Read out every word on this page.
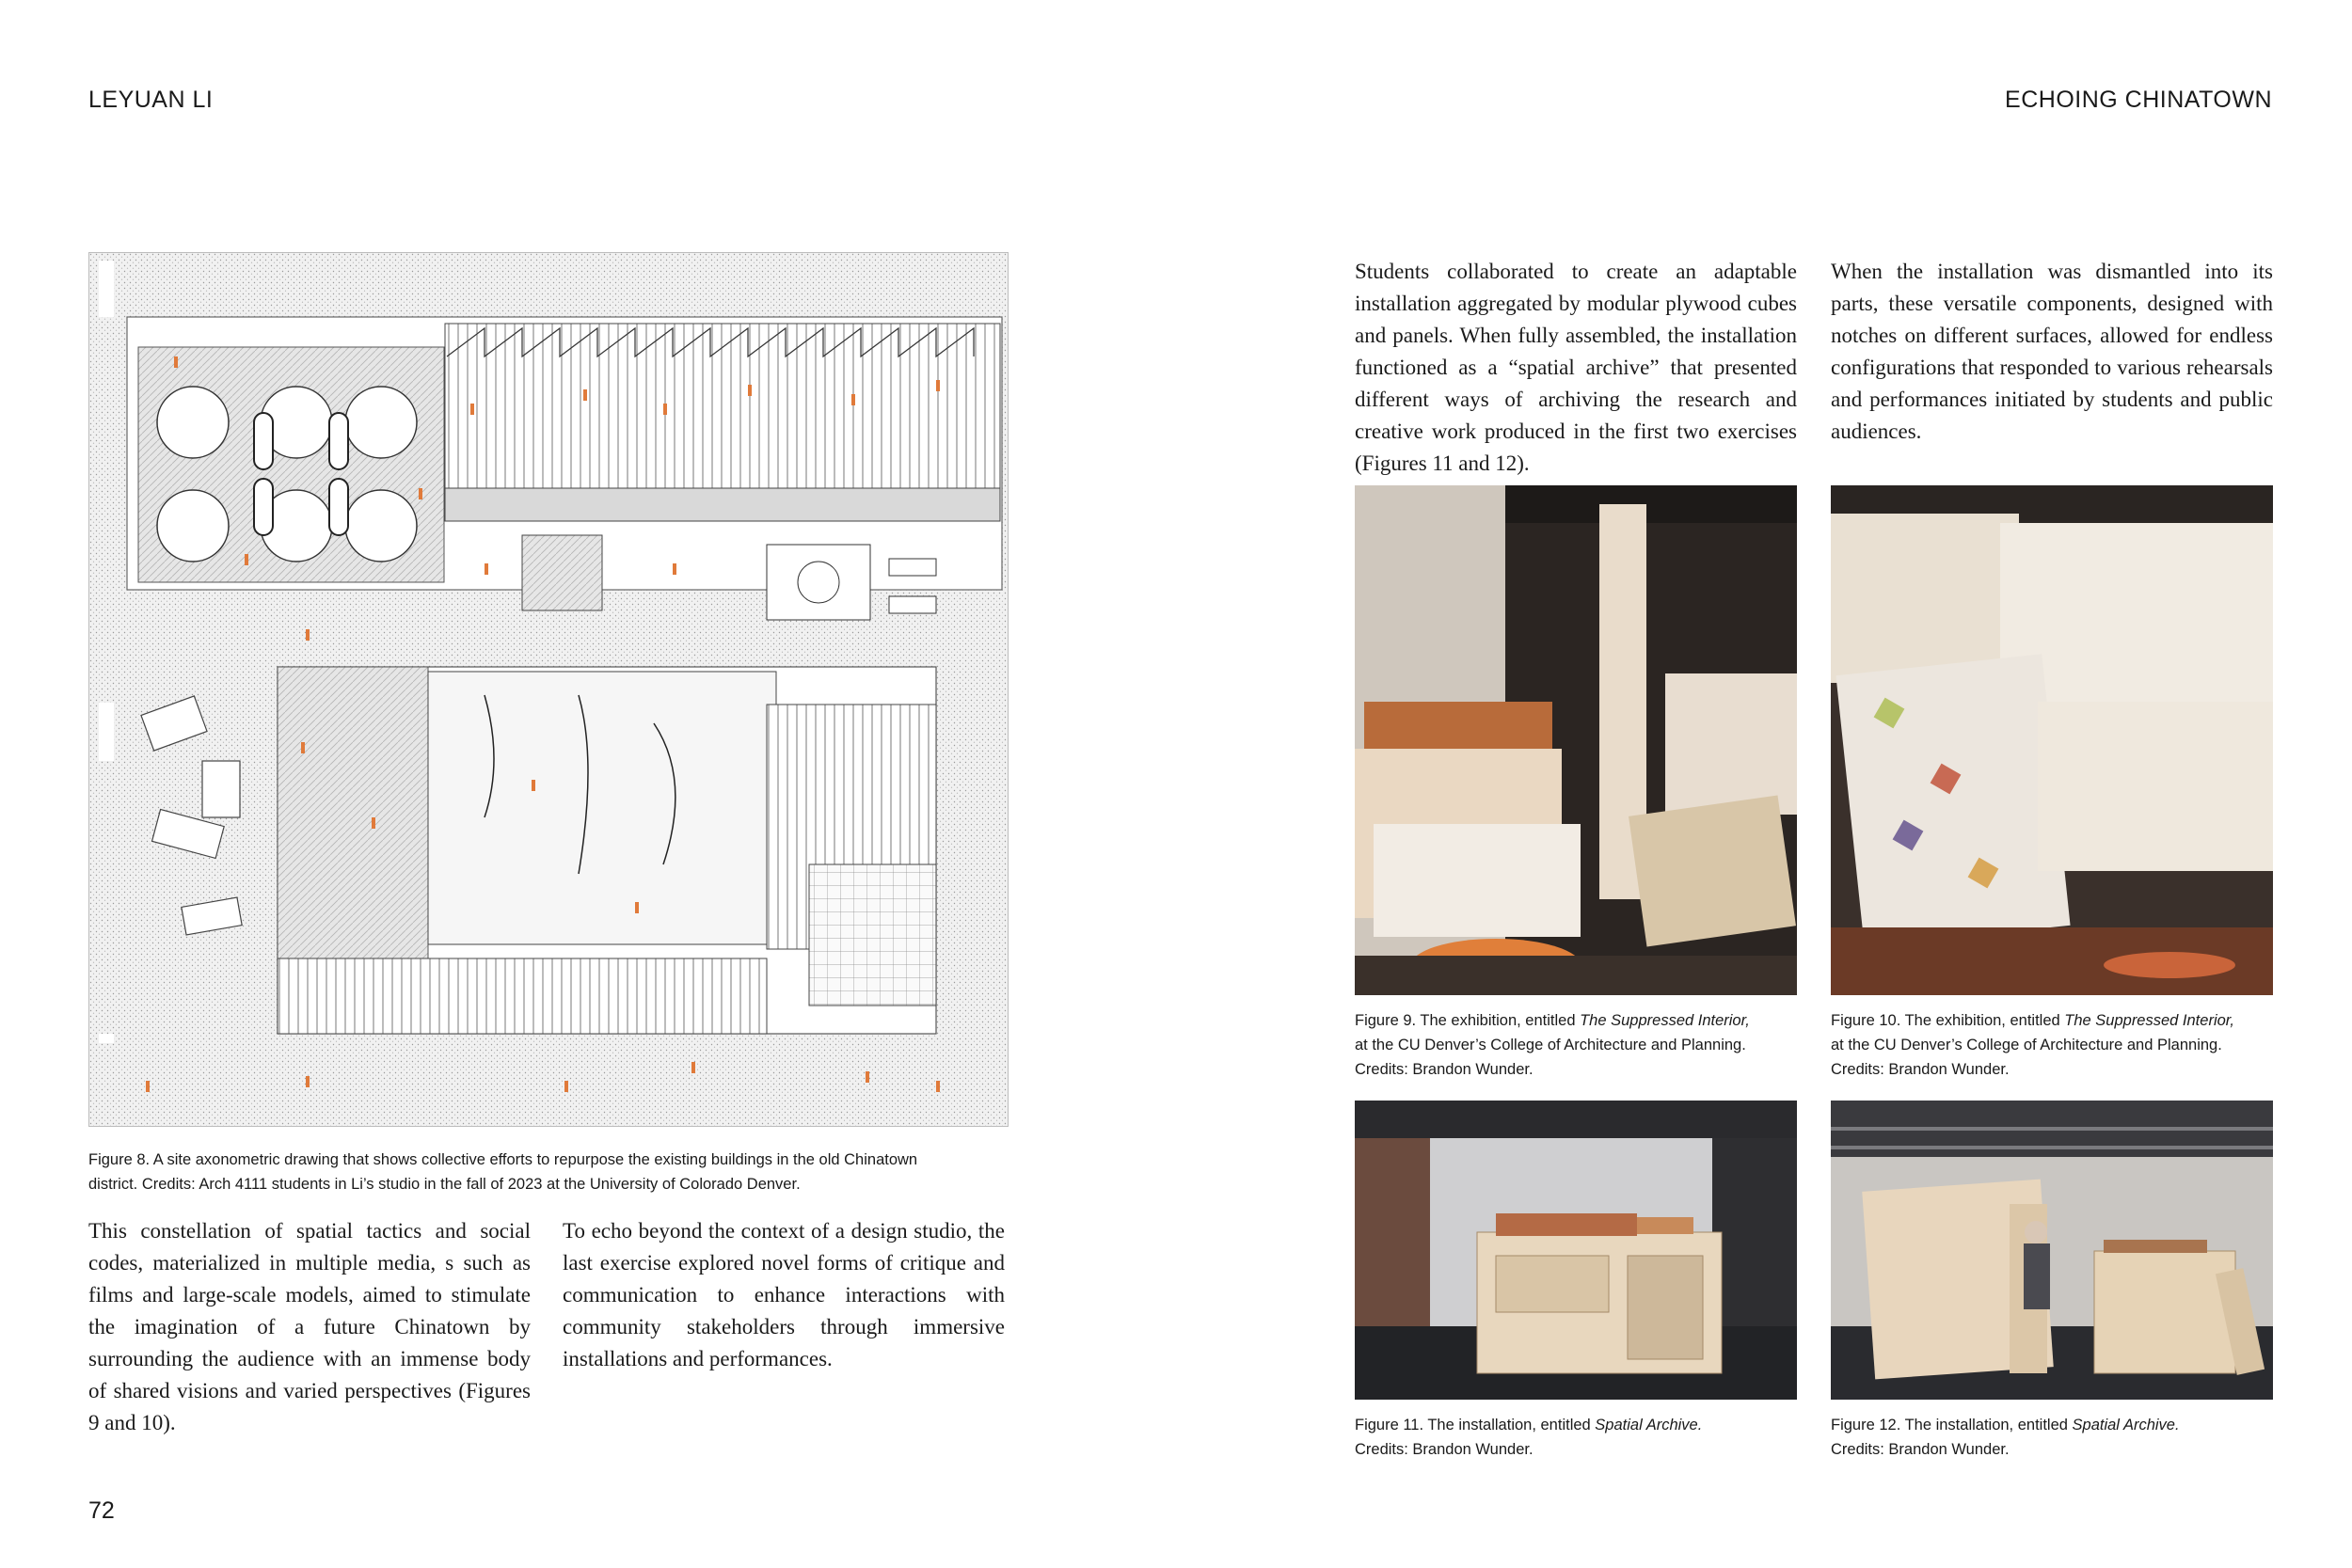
LEYUAN LI	ECHOING CHINATOWN
Figure 8. A site axonometric drawing that shows collective efforts to repurpose the existing buildings in the old Chinatown
district. Credits: Arch 4111 students in Li’s studio in the fall of 2023 at the University of Colorado Denver.
This constellation of spatial tactics and social codes, materialized in multiple media, s such as films and large-scale models, aimed to stimulate the imagination of a future Chinatown by surrounding the audience with an immense body of shared visions and varied perspectives (Figures 9 and 10).
To echo beyond the context of a design studio, the last exercise explored novel forms of critique and communication to enhance interactions with community stakeholders through immersive installations and performances.
72
Students collaborated to create an adaptable installation aggregated by modular plywood cubes and panels. When fully assembled, the installation functioned as a “spatial archive” that presented different ways of archiving the research and creative work produced in the first two exercises (Figures 11 and 12).
When the installation was dismantled into its parts, these versatile components, designed with notches on different surfaces, allowed for endless configurations that responded to various rehearsals and performances initiated by students and public audiences.
Figure 9. The exhibition, entitled The Suppressed Interior,
at the CU Denver’s College of Architecture and Planning.
Credits: Brandon Wunder.
Figure 10. The exhibition, entitled The Suppressed Interior,
at the CU Denver’s College of Architecture and Planning.
Credits: Brandon Wunder.
Figure 11. The installation, entitled Spatial Archive.
Credits: Brandon Wunder.
Figure 12. The installation, entitled Spatial Archive.
Credits: Brandon Wunder.
